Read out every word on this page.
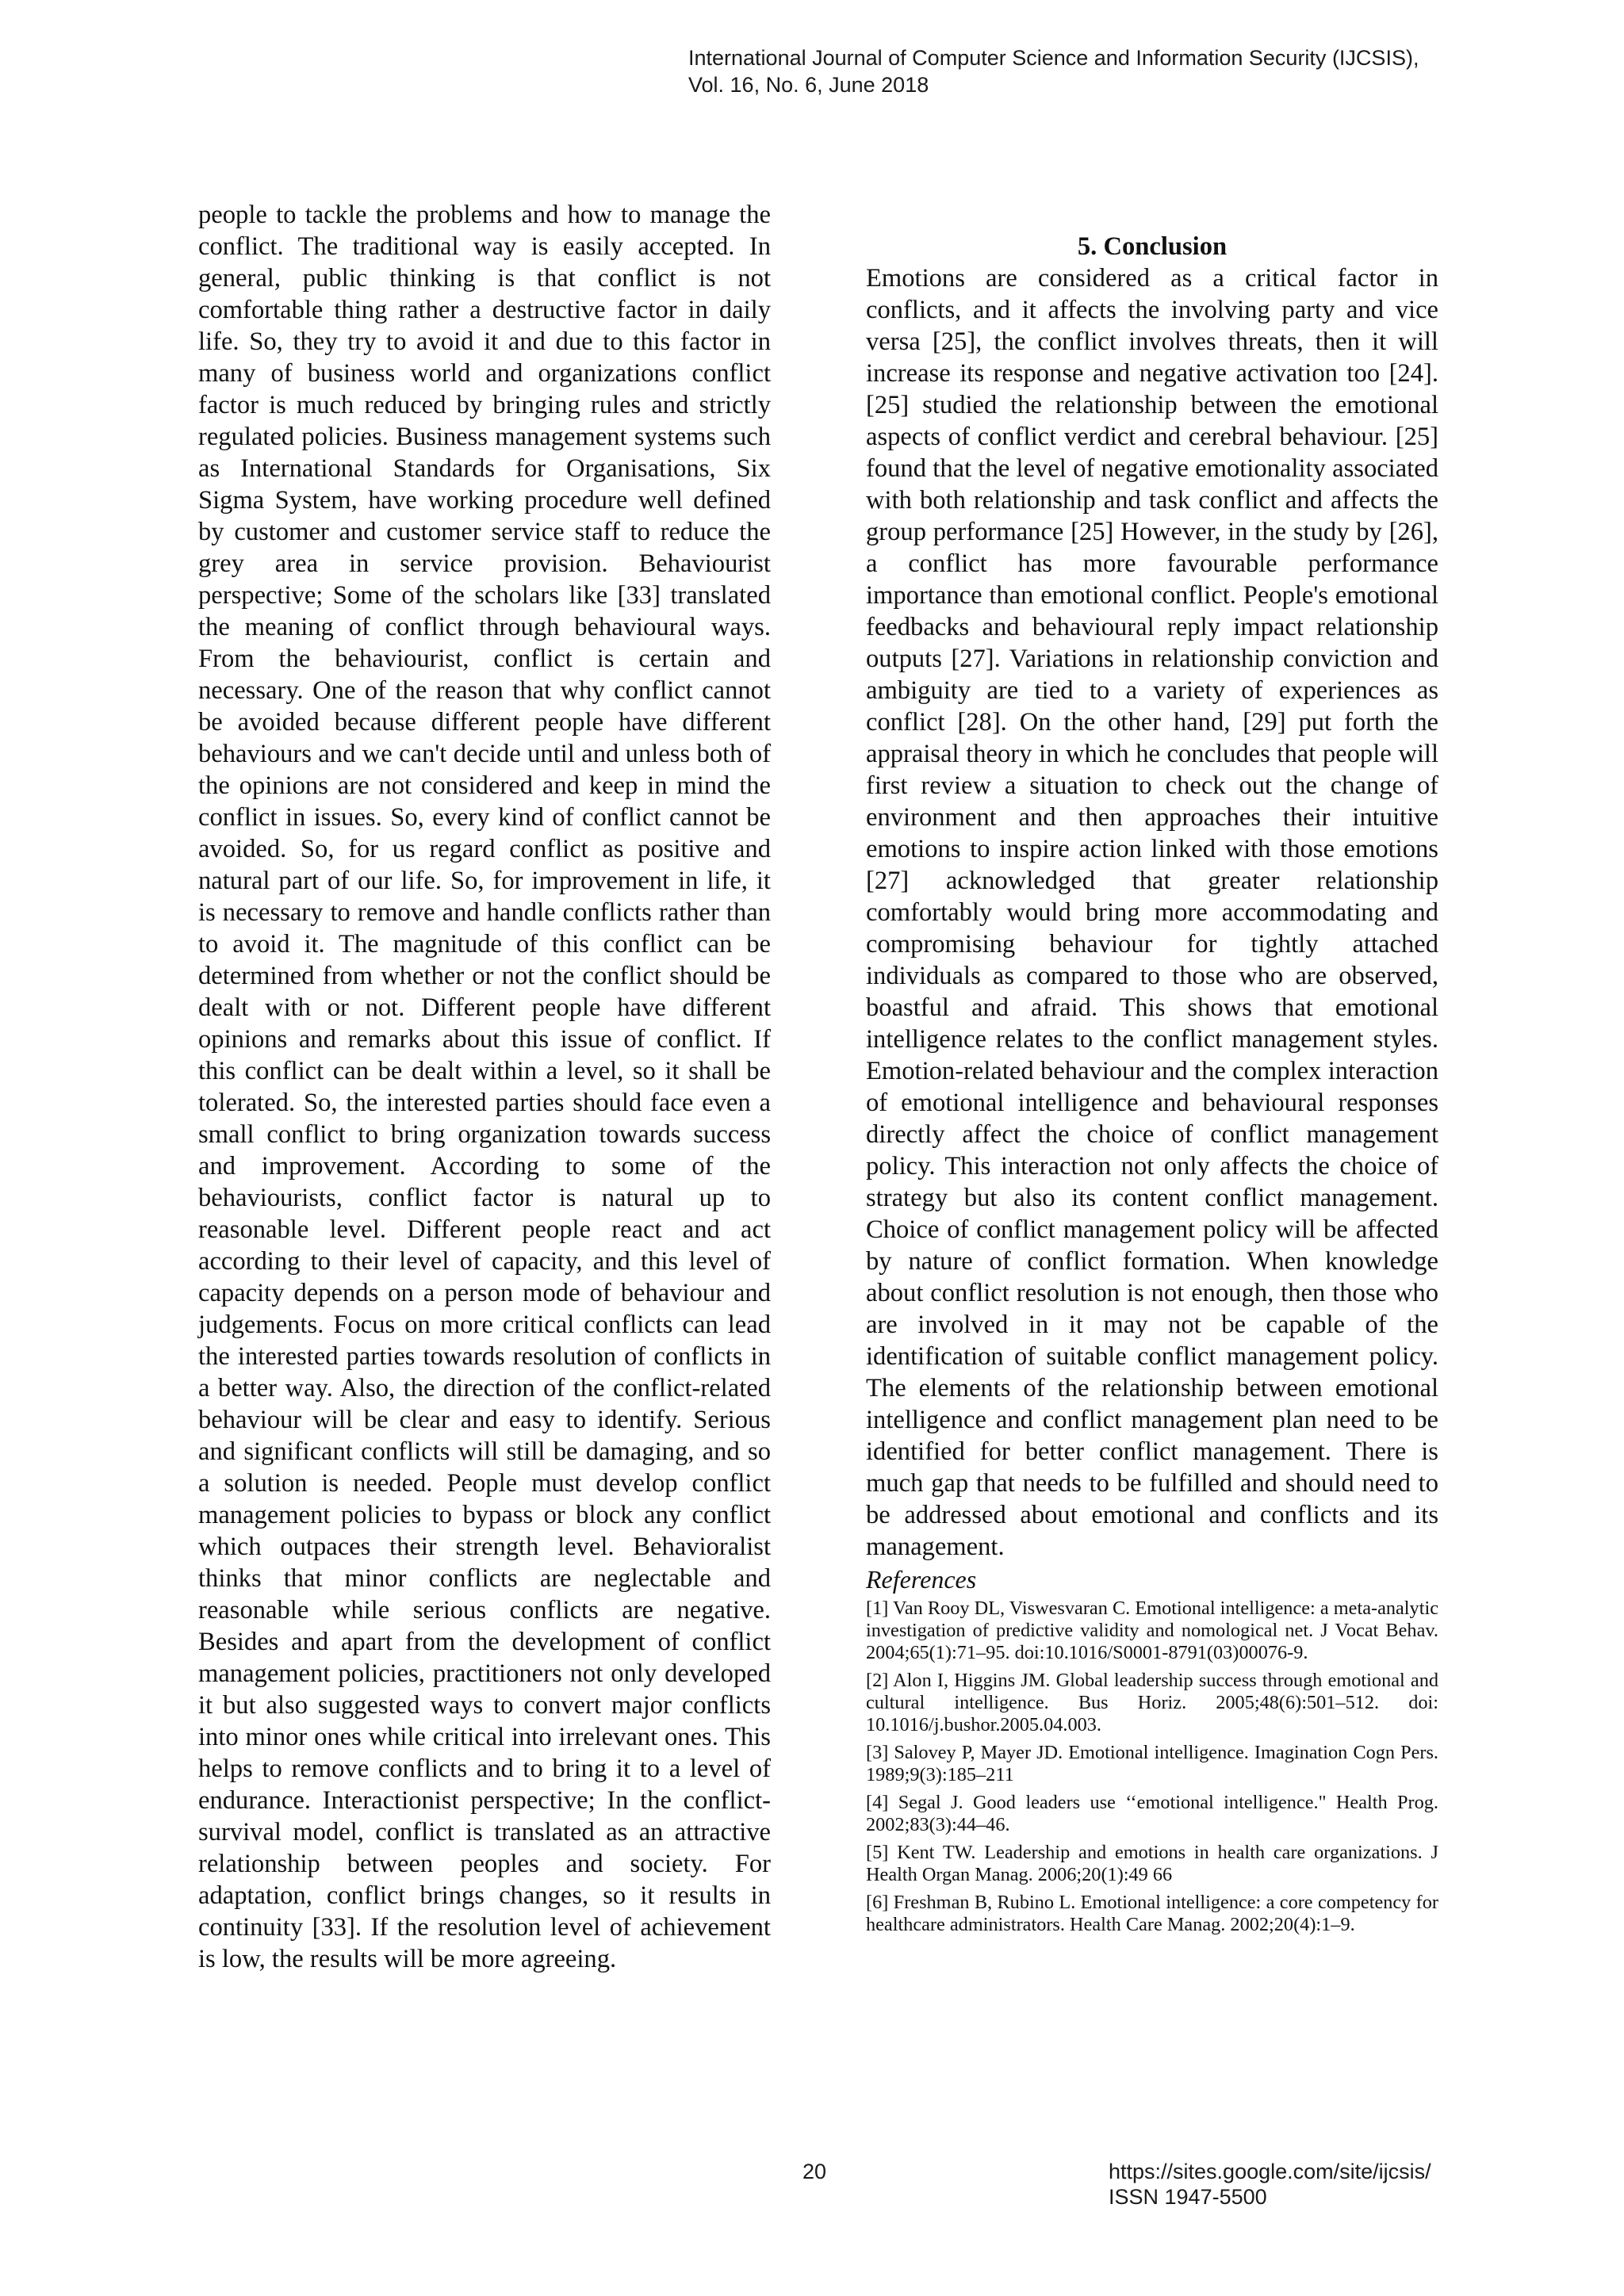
International Journal of Computer Science and Information Security (IJCSIS),
Vol. 16, No. 6, June 2018

people to tackle the problems and how to manage the conflict. The traditional way is easily accepted. In general, public thinking is that conflict is not comfortable thing rather a destructive factor in daily life. So, they try to avoid it and due to this factor in many of business world and organizations conflict factor is much reduced by bringing rules and strictly regulated policies. Business management systems such as International Standards for Organisations, Six Sigma System, have working procedure well defined by customer and customer service staff to reduce the grey area in service provision. Behaviourist perspective; Some of the scholars like [33] translated the meaning of conflict through behavioural ways. From the behaviourist, conflict is certain and necessary. One of the reason that why conflict cannot be avoided because different people have different behaviours and we can't decide until and unless both of the opinions are not considered and keep in mind the conflict in issues. So, every kind of conflict cannot be avoided. So, for us regard conflict as positive and natural part of our life. So, for improvement in life, it is necessary to remove and handle conflicts rather than to avoid it. The magnitude of this conflict can be determined from whether or not the conflict should be dealt with or not. Different people have different opinions and remarks about this issue of conflict. If this conflict can be dealt within a level, so it shall be tolerated. So, the interested parties should face even a small conflict to bring organization towards success and improvement. According to some of the behaviourists, conflict factor is natural up to reasonable level. Different people react and act according to their level of capacity, and this level of capacity depends on a person mode of behaviour and judgements. Focus on more critical conflicts can lead the interested parties towards resolution of conflicts in a better way. Also, the direction of the conflict-related behaviour will be clear and easy to identify. Serious and significant conflicts will still be damaging, and so a solution is needed. People must develop conflict management policies to bypass or block any conflict which outpaces their strength level. Behavioralist thinks that minor conflicts are neglectable and reasonable while serious conflicts are negative. Besides and apart from the development of conflict management policies, practitioners not only developed it but also suggested ways to convert major conflicts into minor ones while critical into irrelevant ones. This helps to remove conflicts and to bring it to a level of endurance. Interactionist perspective; In the conflict-survival model, conflict is translated as an attractive relationship between peoples and society. For adaptation, conflict brings changes, so it results in continuity [33]. If the resolution level of achievement is low, the results will be more agreeing.

5. Conclusion

Emotions are considered as a critical factor in conflicts, and it affects the involving party and vice versa [25], the conflict involves threats, then it will increase its response and negative activation too [24]. [25] studied the relationship between the emotional aspects of conflict verdict and cerebral behaviour. [25] found that the level of negative emotionality associated with both relationship and task conflict and affects the group performance [25] However, in the study by [26], a conflict has more favourable performance importance than emotional conflict. People's emotional feedbacks and behavioural reply impact relationship outputs [27]. Variations in relationship conviction and ambiguity are tied to a variety of experiences as conflict [28]. On the other hand, [29] put forth the appraisal theory in which he concludes that people will first review a situation to check out the change of environment and then approaches their intuitive emotions to inspire action linked with those emotions [27] acknowledged that greater relationship comfortably would bring more accommodating and compromising behaviour for tightly attached individuals as compared to those who are observed, boastful and afraid. This shows that emotional intelligence relates to the conflict management styles. Emotion-related behaviour and the complex interaction of emotional intelligence and behavioural responses directly affect the choice of conflict management policy. This interaction not only affects the choice of strategy but also its content conflict management. Choice of conflict management policy will be affected by nature of conflict formation. When knowledge about conflict resolution is not enough, then those who are involved in it may not be capable of the identification of suitable conflict management policy. The elements of the relationship between emotional intelligence and conflict management plan need to be identified for better conflict management. There is much gap that needs to be fulfilled and should need to be addressed about emotional and conflicts and its management.

References
[1] Van Rooy DL, Viswesvaran C. Emotional intelligence: a meta-analytic investigation of predictive validity and nomological net. J Vocat Behav. 2004;65(1):71–95. doi:10.1016/S0001-8791(03)00076-9.
[2] Alon I, Higgins JM. Global leadership success through emotional and cultural intelligence. Bus Horiz. 2005;48(6):501–512. doi: 10.1016/j.bushor.2005.04.003.
[3] Salovey P, Mayer JD. Emotional intelligence. Imagination Cogn Pers. 1989;9(3):185–211
[4] Segal J. Good leaders use ‘‘emotional intelligence." Health Prog. 2002;83(3):44–46.
[5] Kent TW. Leadership and emotions in health care organizations. J Health Organ Manag. 2006;20(1):49 66
[6] Freshman B, Rubino L. Emotional intelligence: a core competency for healthcare administrators. Health Care Manag. 2002;20(4):1–9.
20	https://sites.google.com/site/ijcsis/
ISSN 1947-5500
